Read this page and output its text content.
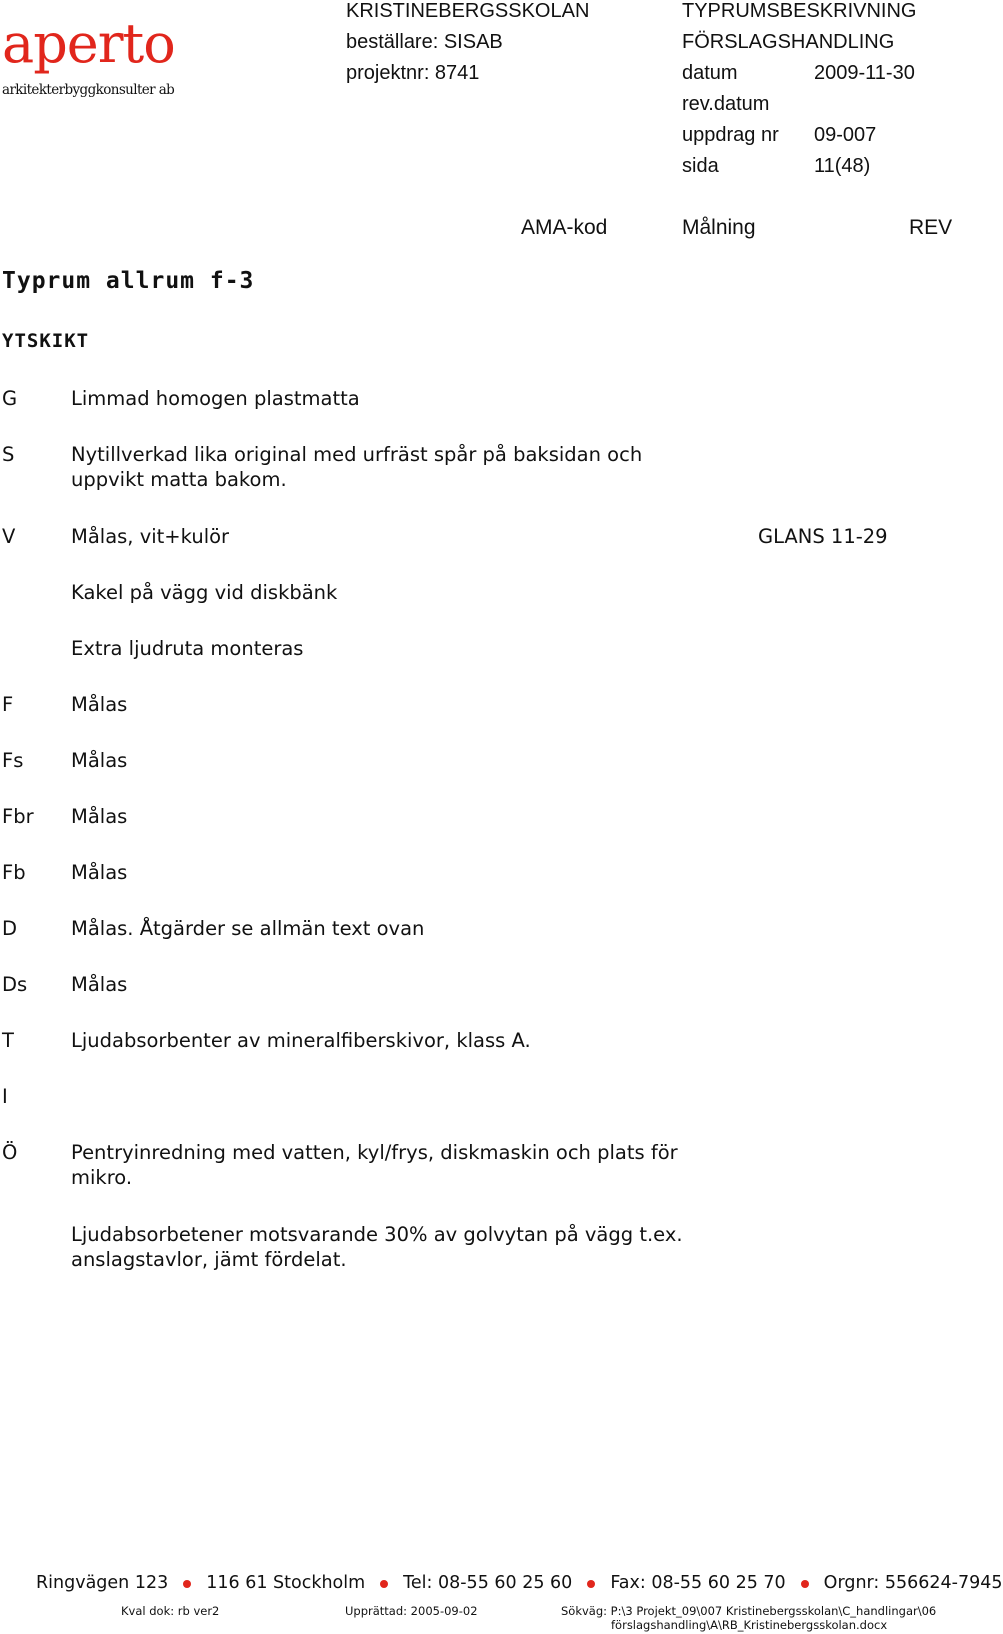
aperto
arkitekterbyggkonsulter ab
KRISTINEBERGSSKOLAN
beställare: SISAB
projektnr: 8741
TYPRUMSBESKRIVNING
FÖRSLAGSHANDLING
datum	2009-11-30
rev.datum
uppdrag nr 09-007
sida	11(48)
AMA-kod	Målning	REV
Typrum allrum f-3
YTSKIKT
G	Limmad homogen plastmatta
S	Nytillverkad lika original med urfräst spår på baksidan och uppvikt matta bakom.
V	Målas, vit+kulör	GLANS 11-29
Kakel på vägg vid diskbänk
Extra ljudruta monteras
F	Målas
Fs Målas
Fbr Målas
Fb Målas
D	Målas. Åtgärder se allmän text ovan
Ds Målas
T	Ljudabsorbenter av mineralfiberskivor, klass A.
I
Ö	Pentryinredning med vatten, kyl/frys, diskmaskin och plats för mikro.
Ljudabsorbetener motsvarande 30% av golvytan på vägg t.ex. anslagstavlor, jämt fördelat.
Ringvägen 123 116 61 Stockholm Tel: 08-55 60 25 60 Fax: 08-55 60 25 70 Orgnr: 556624-7945
Kval dok: rb ver2	Upprättad: 2005-09-02	Sökväg: P:\3 Projekt_09\007 Kristinebergsskolan\C_handlingar\06
förslagshandling\A\RB_Kristinebergsskolan.docx
